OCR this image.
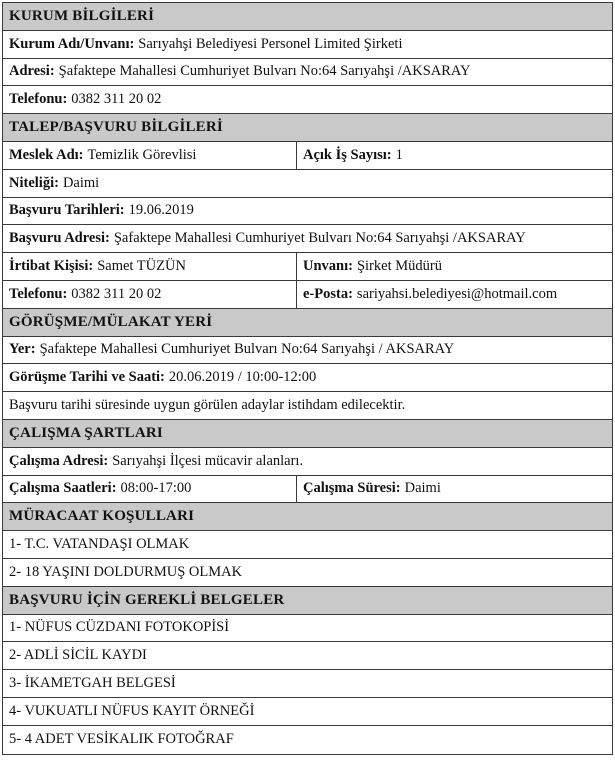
KURUM BİLGİLERİ
Kurum Adı/Unvanı: Sarıyahşi Belediyesi Personel Limited Şirketi
Adresi: Şafaktepe Mahallesi Cumhuriyet Bulvarı No:64 Sarıyahşi /AKSARAY
Telefonu: 0382 311 20 02
TALEP/BAŞVURU BİLGİLERİ
Meslek Adı: Temizlik Görevlisi	Açık İş Sayısı: 1
Niteliği: Daimi
Başvuru Tarihleri: 19.06.2019
Başvuru Adresi: Şafaktepe Mahallesi Cumhuriyet Bulvarı No:64 Sarıyahşi /AKSARAY
İrtibat Kişisi: Samet TÜZÜN	Unvanı: Şirket Müdürü
Telefonu: 0382 311 20 02	e-Posta: sariyahsi.belediyesi@hotmail.com
GÖRÜŞME/MÜLAKAT YERİ
Yer: Şafaktepe Mahallesi Cumhuriyet Bulvarı No:64 Sarıyahşi / AKSARAY
Görüşme Tarihi ve Saati: 20.06.2019 / 10:00-12:00
Başvuru tarihi süresinde uygun görülen adaylar istihdam edilecektir.
ÇALIŞMA ŞARTLARI
Çalışma Adresi: Sarıyahşi İlçesi mücavir alanları.
Çalışma Saatleri: 08:00-17:00	Çalışma Süresi: Daimi
MÜRACAAT KOŞULLARI
1- T.C. VATANDAŞI OLMAK
2- 18 YAŞINI DOLDURMUŞ OLMAK
BAŞVURU İÇİN GEREKLİ BELGELER
1- NÜFUS CÜZDANI FOTOKOPİSİ
2- ADLİ SİCİL KAYDI
3- İKAMETGAH BELGESİ
4- VUKUATLI NÜFUS KAYIT ÖRNEĞİ
5- 4 ADET VESİKALIK FOTOĞRAF
